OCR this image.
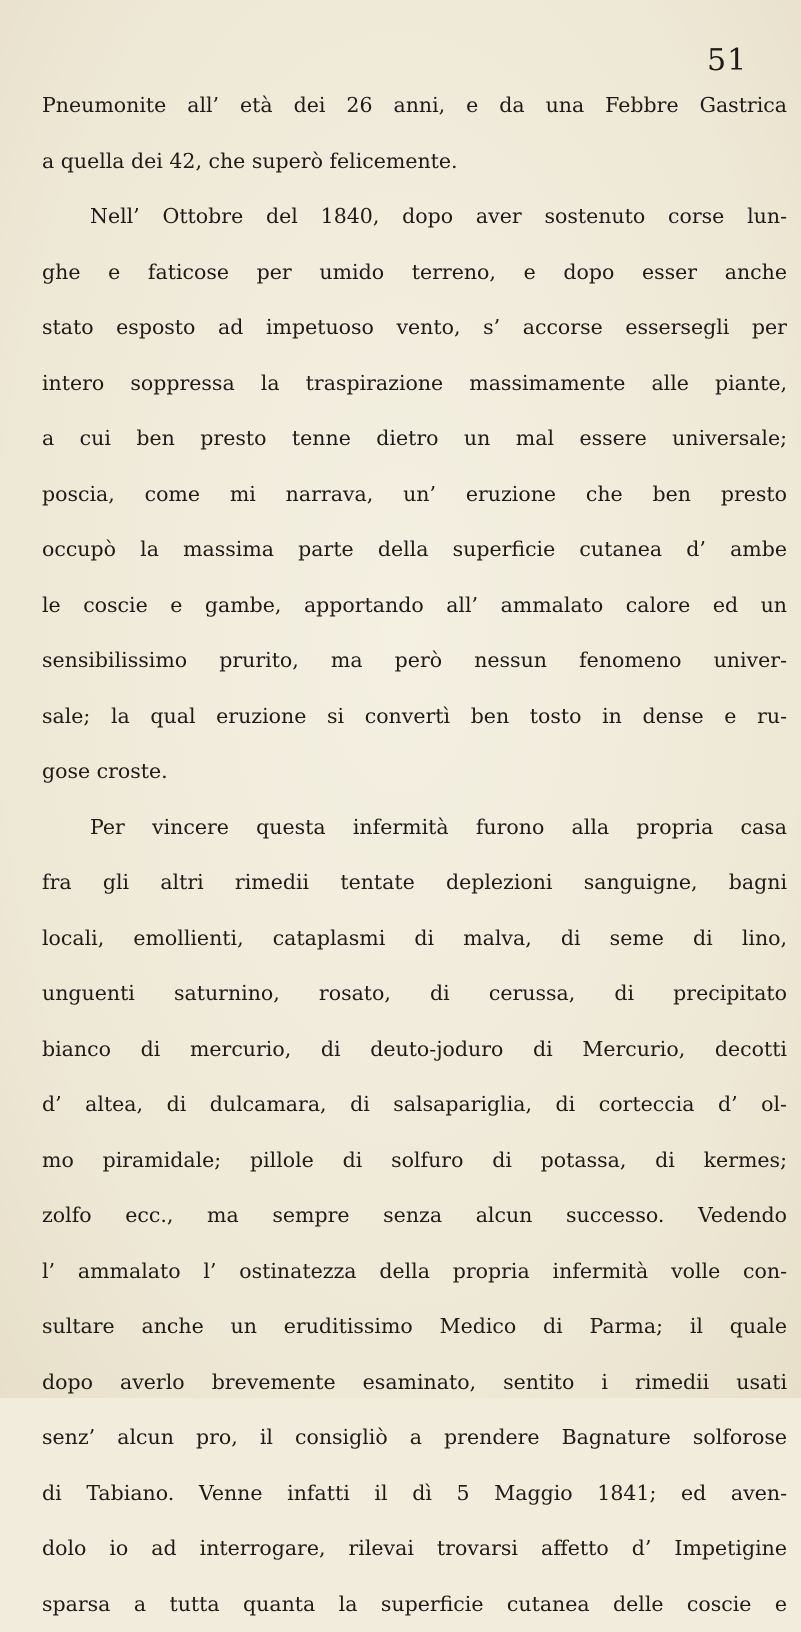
51
Pneumonite all’ età dei 26 anni, e da una Febbre Gastrica
a quella dei 42, che superò felicemente.
Nell’ Ottobre del 1840, dopo aver sostenuto corse lun-
ghe e faticose per umido terreno, e dopo esser anche
stato esposto ad impetuoso vento, s’ accorse essersegli per
intero soppressa la traspirazione massimamente alle piante,
a cui ben presto tenne dietro un mal essere universale;
poscia, come mi narrava, un’ eruzione che ben presto
occupò la massima parte della superficie cutanea d’ ambe
le coscie e gambe, apportando all’ ammalato calore ed un
sensibilissimo prurito, ma però nessun fenomeno univer-
sale; la qual eruzione si convertì ben tosto in dense e ru-
gose croste.
Per vincere questa infermità furono alla propria casa
fra gli altri rimedii tentate deplezioni sanguigne, bagni
locali, emollienti, cataplasmi di malva, di seme di lino,
unguenti saturnino, rosato, di cerussa, di precipitato
bianco di mercurio, di deuto-joduro di Mercurio, decotti
d’ altea, di dulcamara, di salsapariglia, di corteccia d’ ol-
mo piramidale; pillole di solfuro di potassa, di kermes;
zolfo ecc., ma sempre senza alcun successo. Vedendo
l’ ammalato l’ ostinatezza della propria infermità volle con-
sultare anche un eruditissimo Medico di Parma; il quale
dopo averlo brevemente esaminato, sentito i rimedii usati
senz’ alcun pro, il consigliò a prendere Bagnature solforose
di Tabiano. Venne infatti il dì 5 Maggio 1841; ed aven-
dolo io ad interrogare, rilevai trovarsi affetto d’ Impetigine
sparsa a tutta quanta la superficie cutanea delle coscie e
